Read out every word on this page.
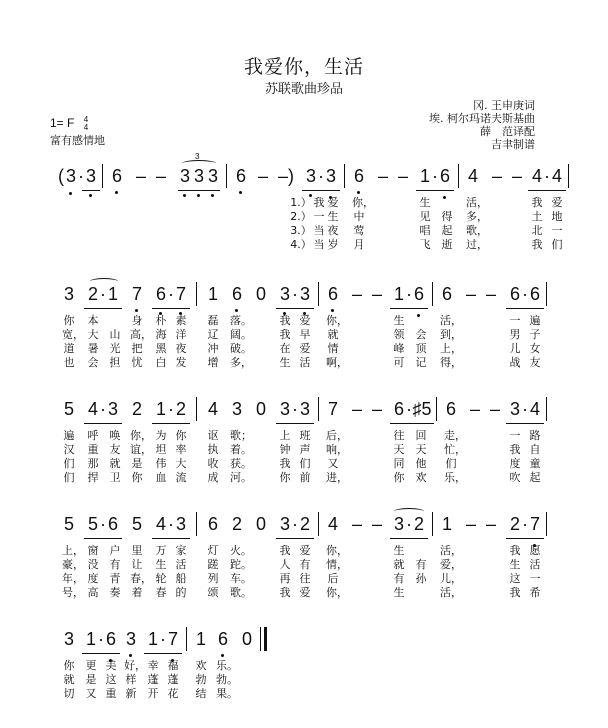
我爱你，生活
苏联歌曲珍品
冈. 王申庚词
埃. 柯尔玛诺夫斯基曲
薛　范译配
吉聿制谱
1= F 4
4
富有感情地
( 3 · 3 6 – – 3 3 3
3
6 – –) 3 · 3 6 – – 1 · 6 4 – – 4 · 4
1.） 我 爱 你，	生	活，	我 爱
2.） 一 生 中	见 得 多，	土 地
3.） 当 夜 莺	唱 起 歌，	北 一
4.） 当 岁 月	飞 逝 过，	我 们
3 2 · 1 7 6 · 7 1 6 0 3 · 3 6 – – 1 · 6 6 – – 6 · 6
你 本	身 朴 素 磊 落。	我 爱 你，	生	活，	一 遍
宽， 大 山 高， 海 洋 辽 阔。	我 早 就	领 会 到，	男 子
道 暑 光 把 黑 夜 冲 破。	在 爱 情	峰 顶 上，	儿 女
也 会 担 忧 白 发 增 多，	生 活 啊，	可 记 得，	战 友
5 4 · 3 2 1 · 2 4 3 0 3 · 3 7 – – 6 · ♯5 6 – – 3 · 4
遍 呼 唤 你， 为 你 讴 歌；	上 班 后，	往 回 走，	一 路
汉 重 友 谊， 坦 率 执 着。	钟 声 响，	天 天 忙，	我 自
们 那 就 是 伟 大 收 获。	我 们 又	同 他 们	度 童
们 捍 卫 你 血 流 成 河。	你 前 进，	你 欢 乐，	吹 起
5 5 · 6 5 4 · 3 6 2 0 3 · 2 4 – – 3 · 2 1 – – 2 · 7
上， 窗 户 里 万 家 灯 火。	我 爱 你，	生	活，	我 愿
豪， 没 有 让 生 活 蹉 跎。	人 有 情，	就 有 爱，	生 活
年， 度 青 春， 轮 船 列 车。	再 往 后	有 孙 儿，	这 一
号， 高 奏 着 春 的 颂 歌。	我 爱 你，	生	活，	我 希
3 1 · 6 3 1 · 7 1 6 0
你 更 美 好， 幸 福 欢 乐。
就 是 这 样 蓬 蓬 勃 勃。
切 又 重 新 开 花 结 果。
